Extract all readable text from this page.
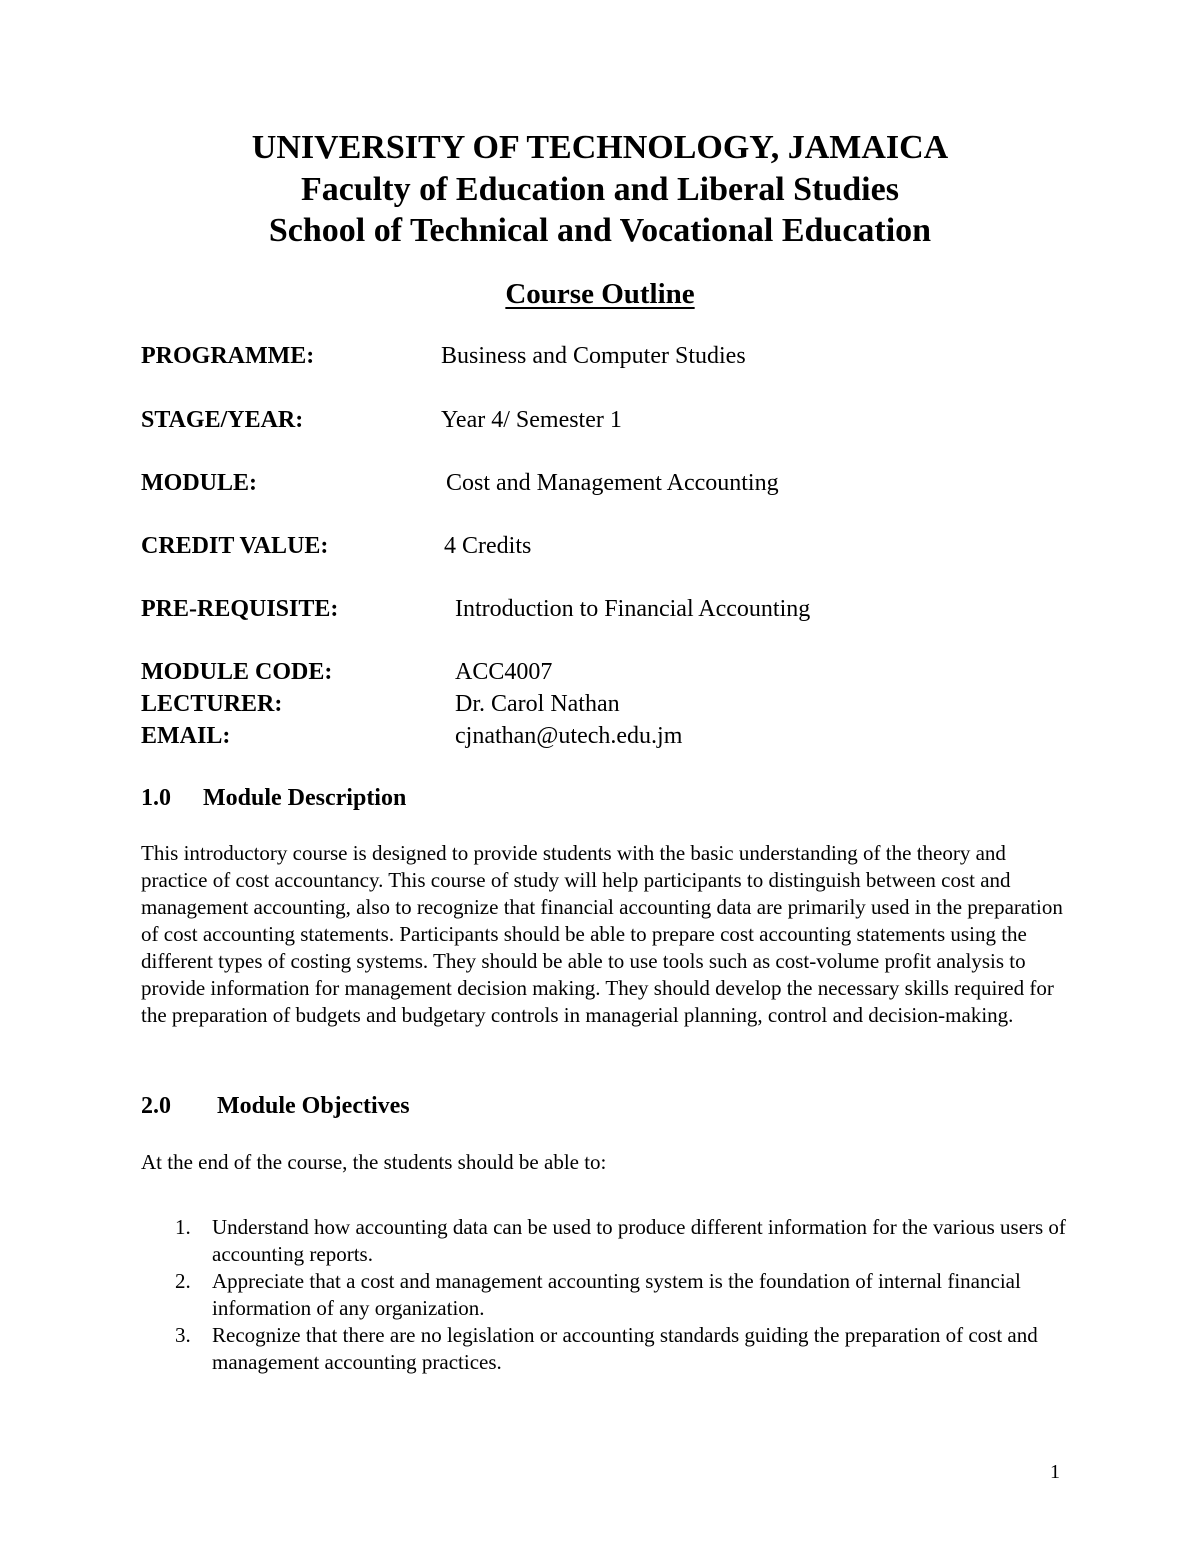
UNIVERSITY OF TECHNOLOGY, JAMAICA
Faculty of Education and Liberal Studies
School of Technical and Vocational Education
Course Outline
PROGRAMME:	Business and Computer Studies
STAGE/YEAR:	Year 4/ Semester 1
MODULE:	Cost and Management Accounting
CREDIT VALUE:	4 Credits
PRE-REQUISITE:	Introduction to Financial Accounting
MODULE CODE:	ACC4007
LECTURER:	Dr. Carol Nathan
EMAIL:	cjnathan@utech.edu.jm
1.0 Module Description
This introductory course is designed to provide students with the basic understanding of the theory and practice of cost accountancy. This course of study will help participants to distinguish between cost and management accounting, also to recognize that financial accounting data are primarily used in the preparation of cost accounting statements. Participants should be able to prepare cost accounting statements using the different types of costing systems. They should be able to use tools such as cost-volume profit analysis to provide information for management decision making. They should develop the necessary skills required for the preparation of budgets and budgetary controls in managerial planning, control and decision-making.
2.0 Module Objectives
At the end of the course, the students should be able to:
1. Understand how accounting data can be used to produce different information for the various users of accounting reports.
2. Appreciate that a cost and management accounting system is the foundation of internal financial information of any organization.
3. Recognize that there are no legislation or accounting standards guiding the preparation of cost and management accounting practices.
1
